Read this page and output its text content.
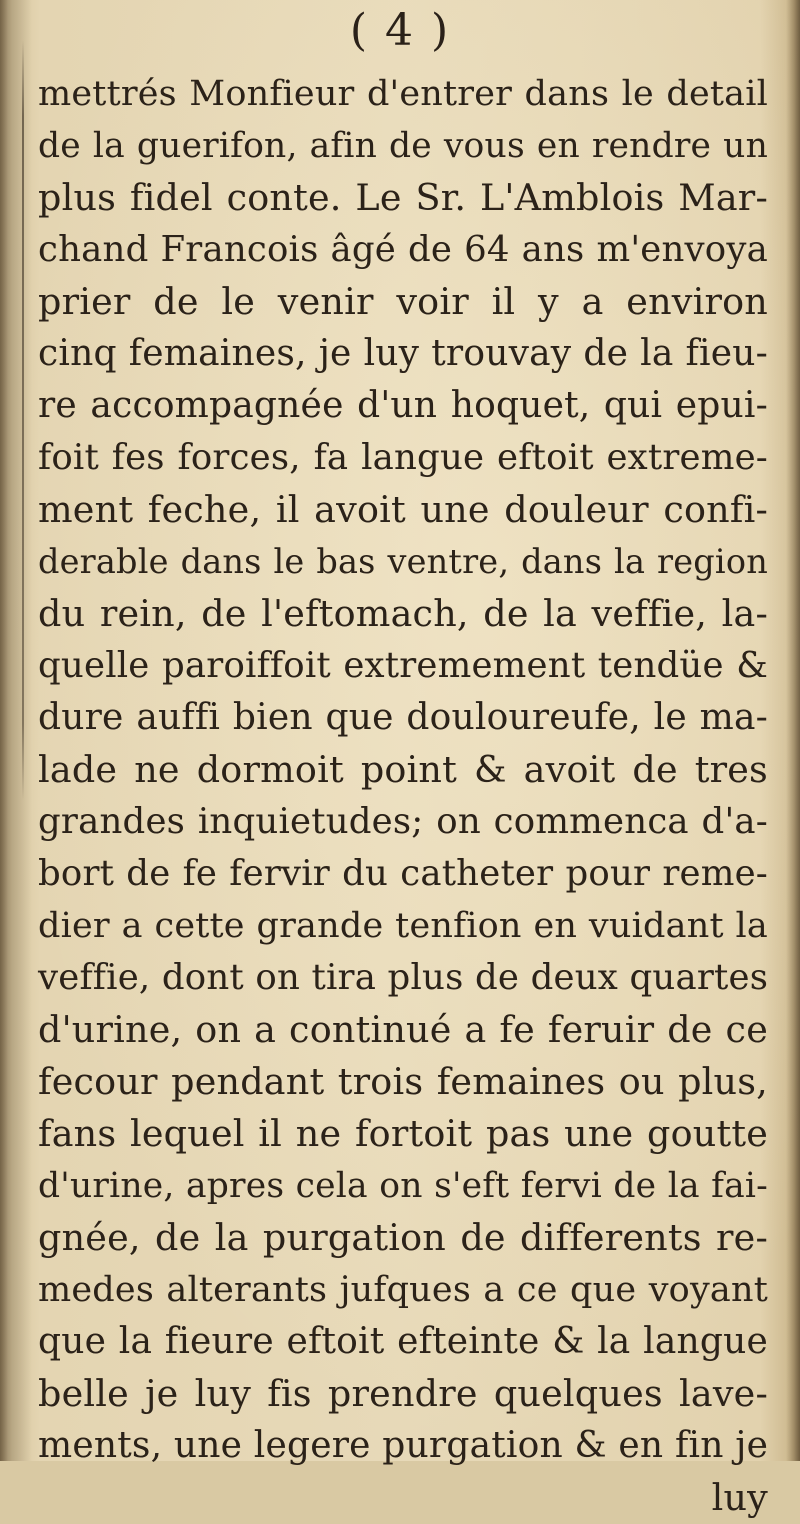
( 4 )
mettrés Monfieur d'entrer dans le detail
de la guerifon, afin de vous en rendre un
plus fidel conte. Le Sr. L'Amblois Mar-
chand Francois âgé de 64 ans m'envoya
prier de le venir voir il y a environ
cinq femaines, je luy trouvay de la fieu-
re accompagnée d'un hoquet, qui epui-
foit fes forces, fa langue eftoit extreme-
ment feche, il avoit une douleur confi-
derable dans le bas ventre, dans la region
du rein, de l'eftomach, de la veffie, la-
quelle paroiffoit extremement tendüe &
dure auffi bien que douloureufe, le ma-
lade ne dormoit point & avoit de tres
grandes inquietudes; on commenca d'a-
bort de fe fervir du catheter pour reme-
dier a cette grande tenfion en vuidant la
veffie, dont on tira plus de deux quartes
d'urine, on a continué a fe feruir de ce
fecour pendant trois femaines ou plus,
fans lequel il ne fortoit pas une goutte
d'urine, apres cela on s'eft fervi de la fai-
gnée, de la purgation de differents re-
medes alterants jufques a ce que voyant
que la fieure eftoit efteinte & la langue
belle je luy fis prendre quelques lave-
ments, une legere purgation & en fin je
luy
